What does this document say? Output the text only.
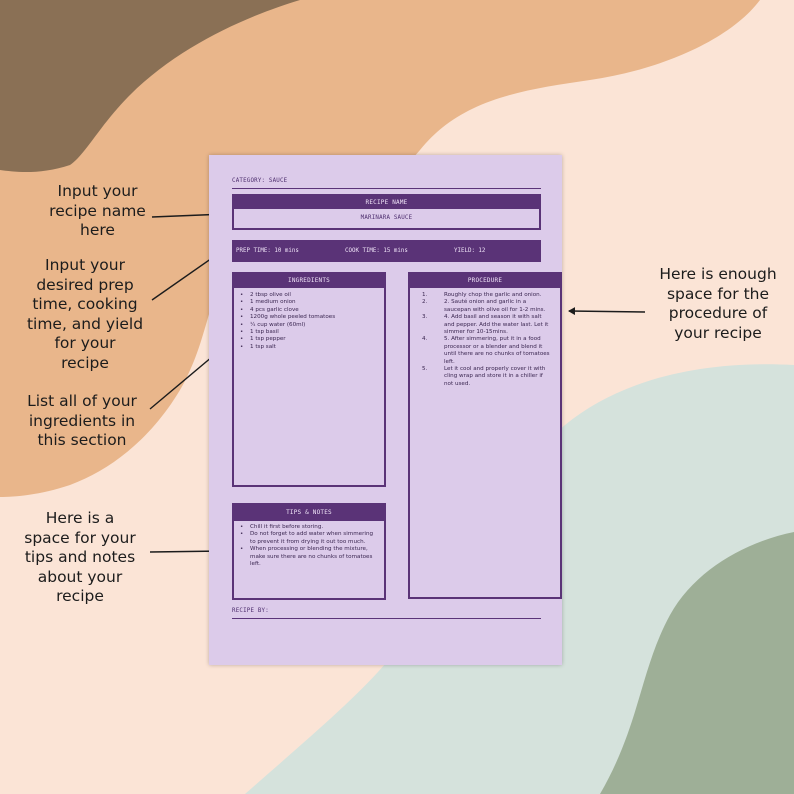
Input your
recipe name
here
Input your
desired prep
time, cooking
time, and yield
for your
recipe
List all of your
ingredients in
this section
Here is a
space for your
tips and notes
about your
recipe
Here is enough
space for the
procedure of
your recipe
CATEGORY: SAUCE
RECIPE NAME
MARINARA SAUCE
PREP TIME: 10 mins	COOK TIME: 15 mins	YIELD: 12
INGREDIENTS
• 2 tbsp olive oil
• 1 medium onion
• 4 pcs garlic clove
• 1200g whole peeled tomatoes
• ¼ cup water (60ml)
• 1 tsp basil
• 1 tsp pepper
• 1 tsp salt
PROCEDURE
1.	Roughly chop the garlic and onion.
2.	2. Sauté onion and garlic in a saucepan with olive oil for 1-2 mins.
3.	4. Add basil and season it with salt and pepper. Add the water last. Let it simmer for 10-15mins.
4.	5. After simmering, put it in a food processor or a blender and blend it until there are no chunks of tomatoes left.
5.	Let it cool and properly cover it with cling wrap and store it in a chiller if not used.
TIPS & NOTES
• Chill it first before storing.
• Do not forget to add water when simmering to prevent it from drying it out too much.
• When processing or blending the mixture, make sure there are no chunks of tomatoes left.
RECIPE BY:
